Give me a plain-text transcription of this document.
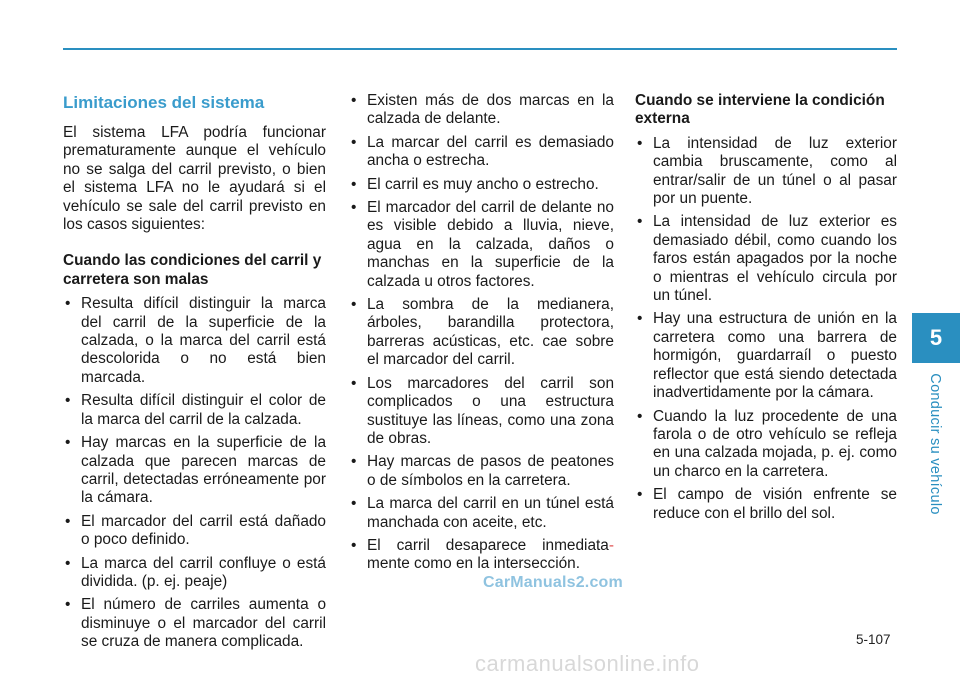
Limitaciones del sistema

El sistema LFA podría funcionar prematuramente aunque el vehículo no se salga del carril previsto, o bien el sistema LFA no le ayudará si el vehículo se sale del carril previsto en los casos siguientes:

Cuando las condiciones del carril y carretera son malas

• Resulta difícil distinguir la marca del carril de la superficie de la calzada, o la marca del carril está descolorida o no está bien marcada.
• Resulta difícil distinguir el color de la marca del carril de la calzada.
• Hay marcas en la superficie de la calzada que parecen marcas de carril, detectadas erróneamente por la cámara.
• El marcador del carril está dañado o poco definido.
• La marca del carril confluye o está dividida. (p. ej. peaje)
• El número de carriles aumenta o disminuye o el marcador del carril se cruza de manera complicada.
• Existen más de dos marcas en la calzada de delante.
• La marcar del carril es demasiado ancha o estrecha.
• El carril es muy ancho o estrecho.
• El marcador del carril de delante no es visible debido a lluvia, nieve, agua en la calzada, daños o manchas en la superficie de la calzada u otros factores.
• La sombra de la medianera, árboles, barandilla protectora, barreras acústicas, etc. cae sobre el marcador del carril.
• Los marcadores del carril son complicados o una estructura sustituye las líneas, como una zona de obras.
• Hay marcas de pasos de peatones o de símbolos en la carretera.
• La marca del carril en un túnel está manchada con aceite, etc.
• El carril desaparece inmediata- mente como en la intersección.

Cuando se interviene la condición externa

• La intensidad de luz exterior cambia bruscamente, como al entrar/salir de un túnel o al pasar por un puente.
• La intensidad de luz exterior es demasiado débil, como cuando los faros están apagados por la noche o mientras el vehículo circula por un túnel.
• Hay una estructura de unión en la carretera como una barrera de hormigón, guardarraíl o puesto reflector que está siendo detectada inadvertidamente por la cámara.
• Cuando la luz procedente de una farola o de otro vehículo se refleja en una calzada mojada, p. ej. como un charco en la carretera.
• El campo de visión enfrente se reduce con el brillo del sol.
5
Conducir su vehículo
CarManuals2.com
5-107
carmanualsonline.info
